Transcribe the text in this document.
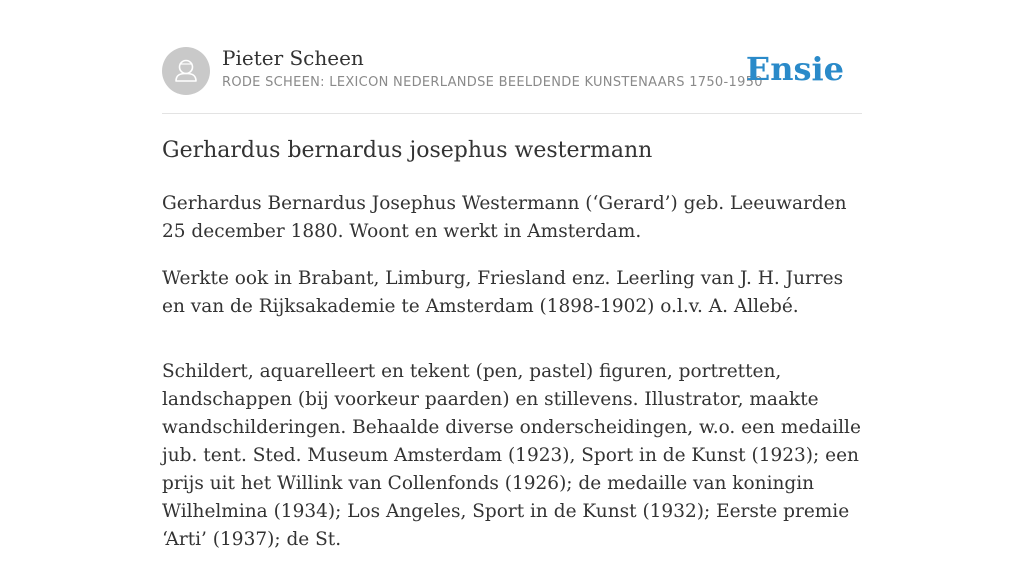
Pieter Scheen
RODE SCHEEN: LEXICON NEDERLANDSE BEELDENDE KUNSTENAARS 1750-1950
Ensie
Gerhardus bernardus josephus westermann

Gerhardus Bernardus Josephus Westermann (‘Gerard’) geb. Leeuwarden 25 december 1880. Woont en werkt in Amsterdam.

Werkte ook in Brabant, Limburg, Friesland enz. Leerling van J. H. Jurres en van de Rijksakademie te Amsterdam (1898-1902) o.l.v. A. Allebé.

Schildert, aquarelleert en tekent (pen, pastel) figuren, portretten, landschappen (bij voorkeur paarden) en stillevens. Illustrator, maakte wandschilderingen. Behaalde diverse onderscheidingen, w.o. een medaille jub. tent. Sted. Museum Amsterdam (1923), Sport in de Kunst (1923); een prijs uit het Willink van Collenfonds (1926); de medaille van koningin Wilhelmina (1934); Los Angeles, Sport in de Kunst (1932); Eerste premie ‘Arti’ (1937); de St.
